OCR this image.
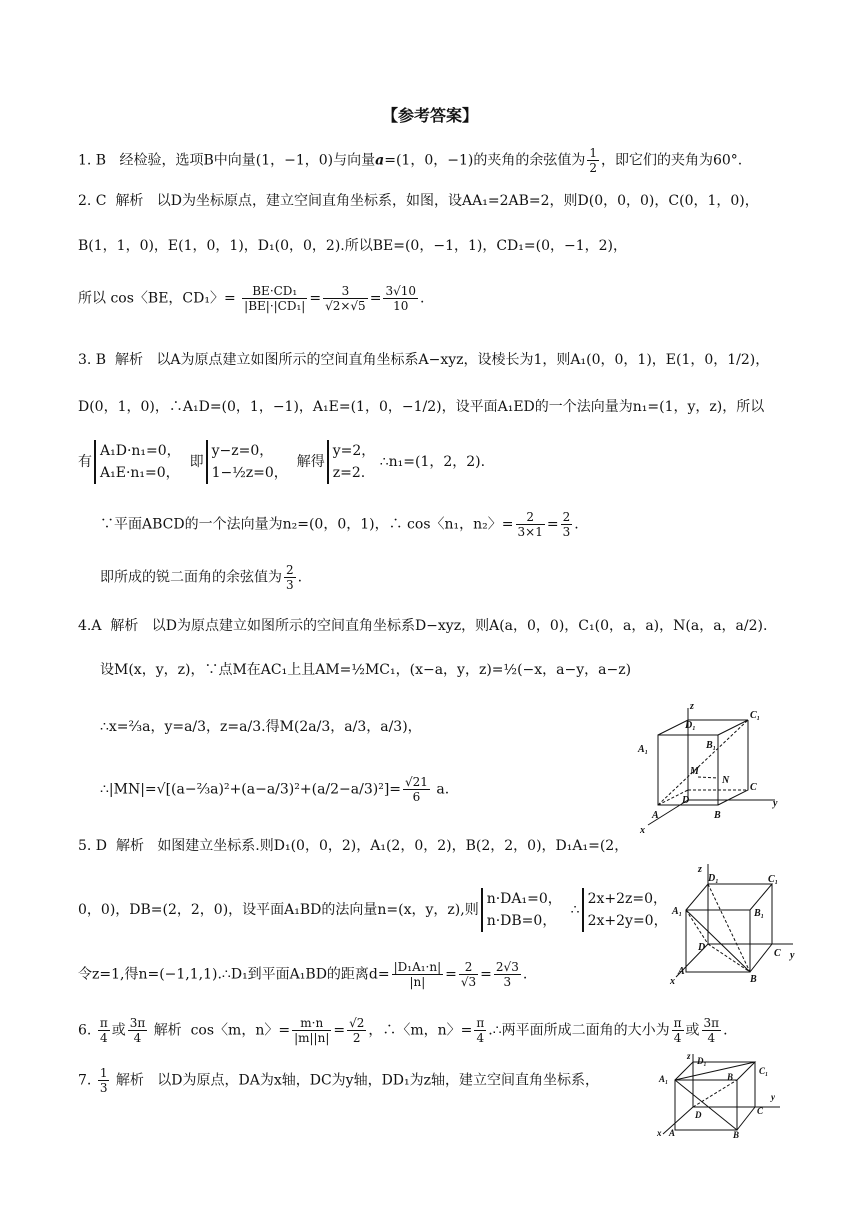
【参考答案】
1. B 经检验，选项B中向量(1，−1，0)与向量a=(1，0，−1)的夹角的余弦值为 $\frac{1}{2}$ ，即它们的夹角为60°.
2. C 解析 以D为坐标原点，建立空间直角坐标系，如图，设AA₁=2AB=2，则D(0，0，0)，C(0，1，0)，
B(1，1，0)，E(1，0，1)，D₁(0，0，2).所以BE=(0，−1，1)，CD₁=(0，−1，2)，
所以 cos〈BE，CD₁〉= $\frac{\text{BE·CD₁}}{\text{|BE|·|CD₁|}} = \frac{3}{√2\times√5} = \frac{3√10}{10}$ .
3. B 解析 以A为原点建立如图所示的空间直角坐标系A−xyz，设棱长为1，则A₁(0，0，1)，E(1，0，1/2)，
D(0，1，0)，∴A₁D=(0，1，−1)，A₁E=(1，0，−1/2)，设平面A₁ED的一个法向量为n₁=(1，y，z)，所以
有A₁D·n₁=0，
A₁E·n₁=0，  即y−z=0，
1−½z=0，  解得y=2，
z=2. ∴n₁=(1，2，2).
∵平面ABCD的一个法向量为n₂=(0，0，1)，∴ cos〈n₁，n₂〉= $\frac{2}{3\times 1} = \frac{2}{3}$ .
即所成的锐二面角的余弦值为 $\frac{2}{3}$ .
4.A 解析 以D为原点建立如图所示的空间直角坐标系D−xyz，则A(a，0，0)，C₁(0，a，a)，N(a，a，a/2).
设M(x，y，z)，∵点M在AC₁上且AM=½MC₁，(x−a，y，z)=½(−x，a−y，a−z)
∴x=⅔a，y=a/3，z=a/3.得M(2a/3，a/3，a/3)，
∴|MN|=√[(a−⅔a)²+(a−a/3)²+(a/2−a/3)²]= $\frac{√21}{6} a$.
5. D 解析 如图建立坐标系.则D₁(0，0，2)，A₁(2，0，2)，B(2，2，0)，D₁A₁=(2，
0，0)，DB=(2，2，0)，设平面A₁BD的法向量n=(x，y，z),则n·DA₁=0，
n·DB=0，  ∴2x+2z=0，
2x+2y=0，
令z=1,得n=(−1,1,1).∴D₁到平面A₁BD的距离$d= \frac{\text{|D₁A₁·n|}}{|n|} = \frac{2}{√3} = \frac{2√3}{3}$ .
6. $\frac{\pi}{4}$ 或 $\frac{3\pi}{4}$ 解析 cos〈m，n〉= $\frac{m\cdot n}{|m||n|} = \frac{√2}{2}$ ，∴〈m，n〉= $\frac{\pi}{4}$ .∴两平面所成二面角的大小为 $\frac{\pi}{4}$ 或 $\frac{3\pi}{4}$ .
7. $\frac{1}{3}$ 解析 以D为原点，DA为x轴，DC为y轴，DD₁为z轴，建立空间直角坐标系，
z
D₁
C₁
A₁	B₁
M
N
C
D	y
A	B
x
z
D₁	C₁
A₁	B₁
D
C y
A
B
x
z D₁
A₁	B
C₁
D
y
C
A	B
x
